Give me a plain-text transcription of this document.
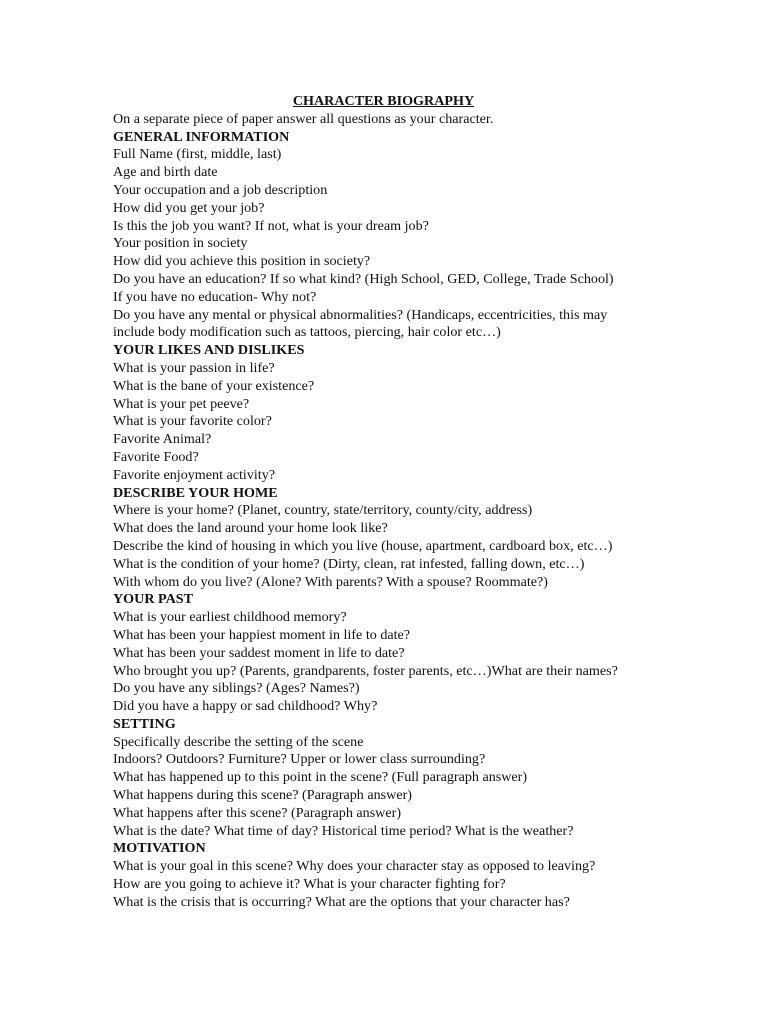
CHARACTER BIOGRAPHY
On a separate piece of paper answer all questions as your character.
GENERAL INFORMATION
Full Name (first, middle, last)
Age and birth date
Your occupation and a job description
How did you get your job?
Is this the job you want? If not, what is your dream job?
Your position in society
How did you achieve this position in society?
Do you have an education? If so what kind? (High School, GED, College, Trade School)
If you have no education- Why not?
Do you have any mental or physical abnormalities? (Handicaps, eccentricities, this may
include body modification such as tattoos, piercing, hair color etc…)
YOUR LIKES AND DISLIKES
What is your passion in life?
What is the bane of your existence?
What is your pet peeve?
What is your favorite color?
Favorite Animal?
Favorite Food?
Favorite enjoyment activity?
DESCRIBE YOUR HOME
Where is your home? (Planet, country, state/territory, county/city, address)
What does the land around your home look like?
Describe the kind of housing in which you live (house, apartment, cardboard box, etc…)
What is the condition of your home? (Dirty, clean, rat infested, falling down, etc…)
With whom do you live? (Alone? With parents? With a spouse? Roommate?)
YOUR PAST
What is your earliest childhood memory?
What has been your happiest moment in life to date?
What has been your saddest moment in life to date?
Who brought you up? (Parents, grandparents, foster parents, etc…)What are their names?
Do you have any siblings? (Ages? Names?)
Did you have a happy or sad childhood? Why?
SETTING
Specifically describe the setting of the scene
Indoors? Outdoors? Furniture? Upper or lower class surrounding?
What has happened up to this point in the scene? (Full paragraph answer)
What happens during this scene? (Paragraph answer)
What happens after this scene? (Paragraph answer)
What is the date? What time of day? Historical time period? What is the weather?
MOTIVATION
What is your goal in this scene? Why does your character stay as opposed to leaving?
How are you going to achieve it? What is your character fighting for?
What is the crisis that is occurring? What are the options that your character has?
